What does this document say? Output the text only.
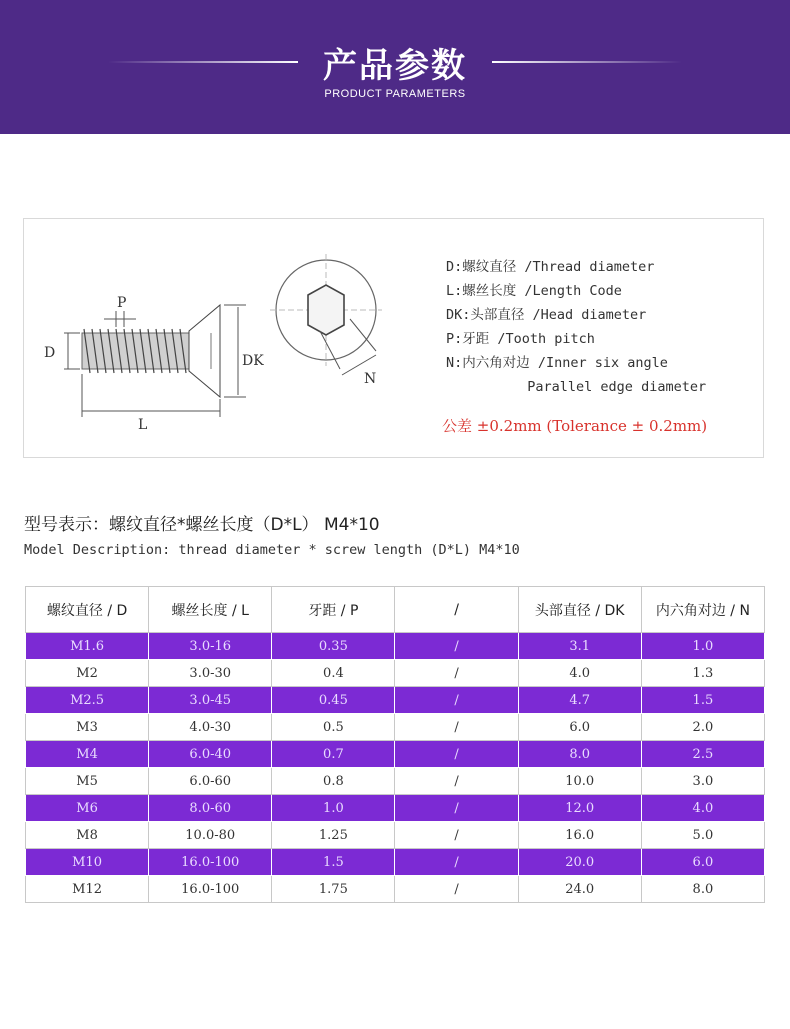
产品参数
PRODUCT PARAMETERS
P
D	DK
L
N
D:螺纹直径 /Thread diameter
L:螺丝长度 /Length Code
DK:头部直径 /Head diameter
P:牙距 /Tooth pitch
N:内六角对边 /Inner six angle
Parallel edge diameter
公差 ±0.2mm (Tolerance ± 0.2mm)
型号表示：螺纹直径*螺丝长度（D*L） M4*10
Model Description: thread diameter * screw length (D*L) M4*10
螺纹直径 / D	螺丝长度 / L	牙距 / P	/	头部直径 / DK	内六角对边 / N
M1.6	3.0-16	0.35	/	3.1	1.0
M2	3.0-30	0.4	/	4.0	1.3
M2.5	3.0-45	0.45	/	4.7	1.5
M3	4.0-30	0.5	/	6.0	2.0
M4	6.0-40	0.7	/	8.0	2.5
M5	6.0-60	0.8	/	10.0	3.0
M6	8.0-60	1.0	/	12.0	4.0
M8	10.0-80	1.25	/	16.0	5.0
M10	16.0-100	1.5	/	20.0	6.0
M12	16.0-100	1.75	/	24.0	8.0
